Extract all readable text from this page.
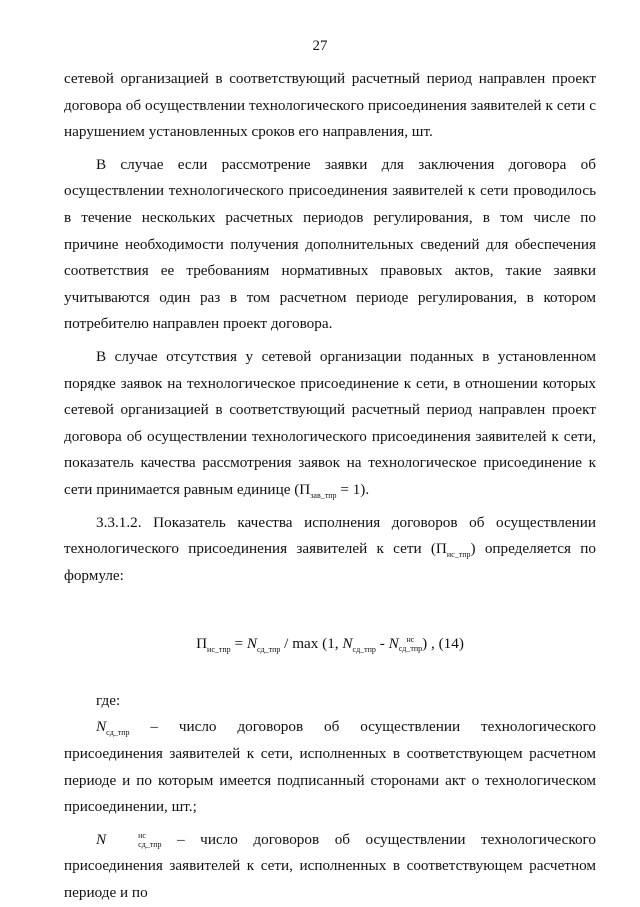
27

сетевой организацией в соответствующий расчетный период направлен проект договора об осуществлении технологического присоединения заявителей к сети с нарушением установленных сроков его направления, шт.

В случае если рассмотрение заявки для заключения договора об осуществлении технологического присоединения заявителей к сети проводилось в течение нескольких расчетных периодов регулирования, в том числе по причине необходимости получения дополнительных сведений для обеспечения соответствия ее требованиям нормативных правовых актов, такие заявки учитываются один раз в том расчетном периоде регулирования, в котором потребителю направлен проект договора.

В случае отсутствия у сетевой организации поданных в установленном порядке заявок на технологическое присоединение к сети, в отношении которых сетевой организацией в соответствующий расчетный период направлен проект договора об осуществлении технологического присоединения заявителей к сети, показатель качества рассмотрения заявок на технологическое присоединение к сети принимается равным единице $(П_{зав\_тпр} = 1)$.

3.3.1.2. Показатель качества исполнения договоров об осуществлении технологического присоединения заявителей к сети $(П_{ис\_тпр})$ определяется по формуле:

$П_{ис\_тпр} = N_{сд\_тпр} / \max (1$, $N_{сд\_тпр}$ - N нс
сд_тпр ) , (14)

где:

$N_{сд\_тпр}$ – число договоров об осуществлении технологического присоединения заявителей к сети, исполненных в соответствующем расчетном периоде и по которым имеется подписанный сторонами акт о технологическом присоединении, шт.;

N	нс
сд_тпр – число договоров об осуществлении технологического присоединения заявителей к сети, исполненных в соответствующем расчетном периоде и по
